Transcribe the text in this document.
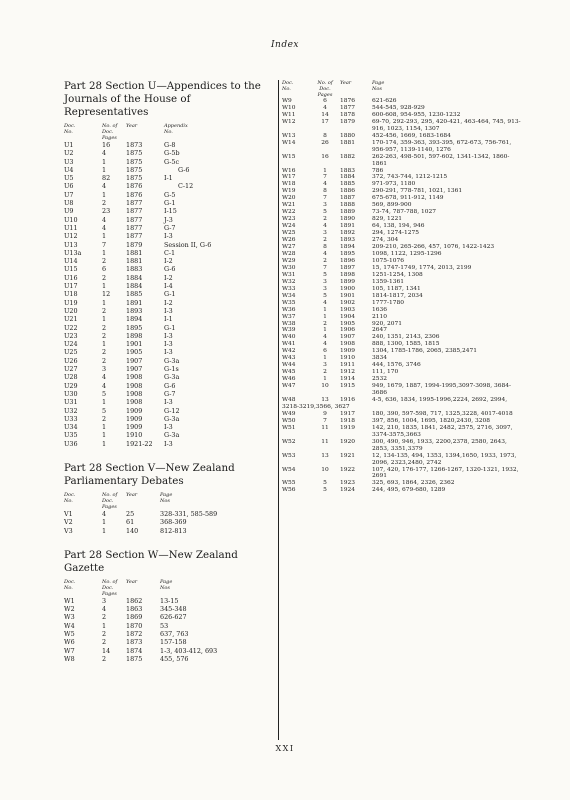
Index
Part 28 Section U—Appendices to the Journals of the House of Representatives
Doc.
No.
No. of
Doc.
Pages
Year	Appendix
No.
U1	16	1873	G-8
U2	4	1875	G-5b
U3	1	1875	G-5c
U4	1	1875	G-6
U5	82	1875	I-1
U6	4	1876	C-12
U7	1	1876	G-5
U8	2	1877	G-1
U9	23	1877	I-15
U10	4	1877	J-3
U11	4	1877	G-7
U12	1	1877	I-3
U13	7	1879	Session II, G-6
U13a	1	1881	C-1
U14	2	1881	I-2
U15	6	1883	G-6
U16	2	1884	I-2
U17	1	1884	I-4
U18	12	1885	G-1
U19	1	1891	I-2
U20	2	1893	I-3
U21	1	1894	I-1
U22	2	1895	G-1
U23	2	1898	I-3
U24	1	1901	I-3
U25	2	1905	I-3
U26	2	1907	G-3a
U27	3	1907	G-1s
U28	4	1908	G-3a
U29	4	1908	G-6
U30	5	1908	G-7
U31	1	1908	I-3
U32	5	1909	G-12
U33	2	1909	G-3a
U34	1	1909	I-3
U35	1	1910	G-3a
U36	1	1921-22	I-3
Part 28 Section V—New Zealand Parliamentary Debates
Doc.
No.
No. of
Doc.
Pages
Year	Page
Nos
V1	4	25	328-331, 585-589
V2	1	61	368-369
V3	1	140	812-813
Part 28 Section W—New Zealand Gazette
Doc.
No.
No. of
Doc.
Pages
Year	Page
Nos
W1	3	1862	13-15
W2	4	1863	345-348
W3	2	1869	626-627
W4	1	1870	53
W5	2	1872	637, 763
W6	2	1873	157-158
W7	14	1874	1-3, 403-412, 693
W8	2	1875	455, 576
Doc.
No.
No. of
Doc.
Pages
Year	Page
Nos
W9	6	1876	621-626
W10	4	1877	544-545, 928-929
W11	14	1878	600-608, 954-955, 1230-1232
W12	17	1879	69-70, 292-293, 295, 420-421, 463-464, 745, 913-916, 1023, 1154, 1307
W13	8	1880	452-456, 1669, 1683-1684
W14	26	1881	170-174, 359-363, 393-395, 672-673, 756-761, 956-957, 1139-1140, 1276
W15	16	1882	262-263, 498-501, 597-602, 1341-1342, 1860-1861
W16	1	1883	786
W17	7	1884	372, 743-744, 1212-1215
W18	4	1885	971-973, 1180
W19	8	1886	290-291, 778-781, 1021, 1361
W20	7	1887	675-678, 911-912, 1149
W21	3	1888	569, 899-900
W22	5	1889	73-74, 787-788, 1027
W23	2	1890	829, 1221
W24	4	1891	64, 138, 194, 946
W25	3	1892	294, 1274-1275
W26	2	1893	274, 304
W27	8	1894	209-210, 265-266, 457, 1076, 1422-1423
W28	4	1895	1098, 1122, 1295-1296
W29	2	1896	1075-1076
W30	7	1897	15, 1747-1749, 1774, 2013, 2199
W31	5	1898	1251-1254, 1308
W32	3	1899	1359-1361
W33	3	1900	105, 1187, 1341
W34	5	1901	1814-1817, 2034
W35	4	1902	1777-1780
W36	1	1903	1636
W37	1	1904	2110
W38	2	1905	920, 2071
W39	1	1906	2647
W40	4	1907	240, 1351, 2143, 2306
W41	4	1908	888, 1300, 1585, 1815
W42	6	1909	1304, 1785-1786, 2065, 2385,2471
W43	1	1910	3834
W44	3	1911	444, 1576, 3746
W45	2	1912	111, 170
W46	1	1914	2532
W47	10	1915	949, 1679, 1887, 1994-1995,3097-3098, 3684-3686
W48	13	1916	4-5, 636, 1834, 1995-1996,2224, 2692, 2994,
3218-3219,3566, 3627
W49	9	1917	180, 390, 597-598, 717, 1325,3228, 4017-4018
W50	7	1918	397, 856, 1004, 1695, 1820,2430, 3208
W51	11	1919	142, 210, 1835, 1841, 2482, 2575, 2716, 3097, 3374-3575,3663
W52	11	1920	300, 490, 946, 1933, 2200,2378, 2580, 2643, 2853, 3351,3379
W53	13	1921	12, 134-135, 494, 1353, 1394,1650, 1933, 1973, 2096, 2323,2480, 2742
W54	10	1922	107, 420, 176-177, 1266-1267, 1320-1321, 1932, 2691
W55	5	1923	325, 693, 1864, 2326, 2362
W56	5	1924	244, 495, 679-680, 1289
XXI
